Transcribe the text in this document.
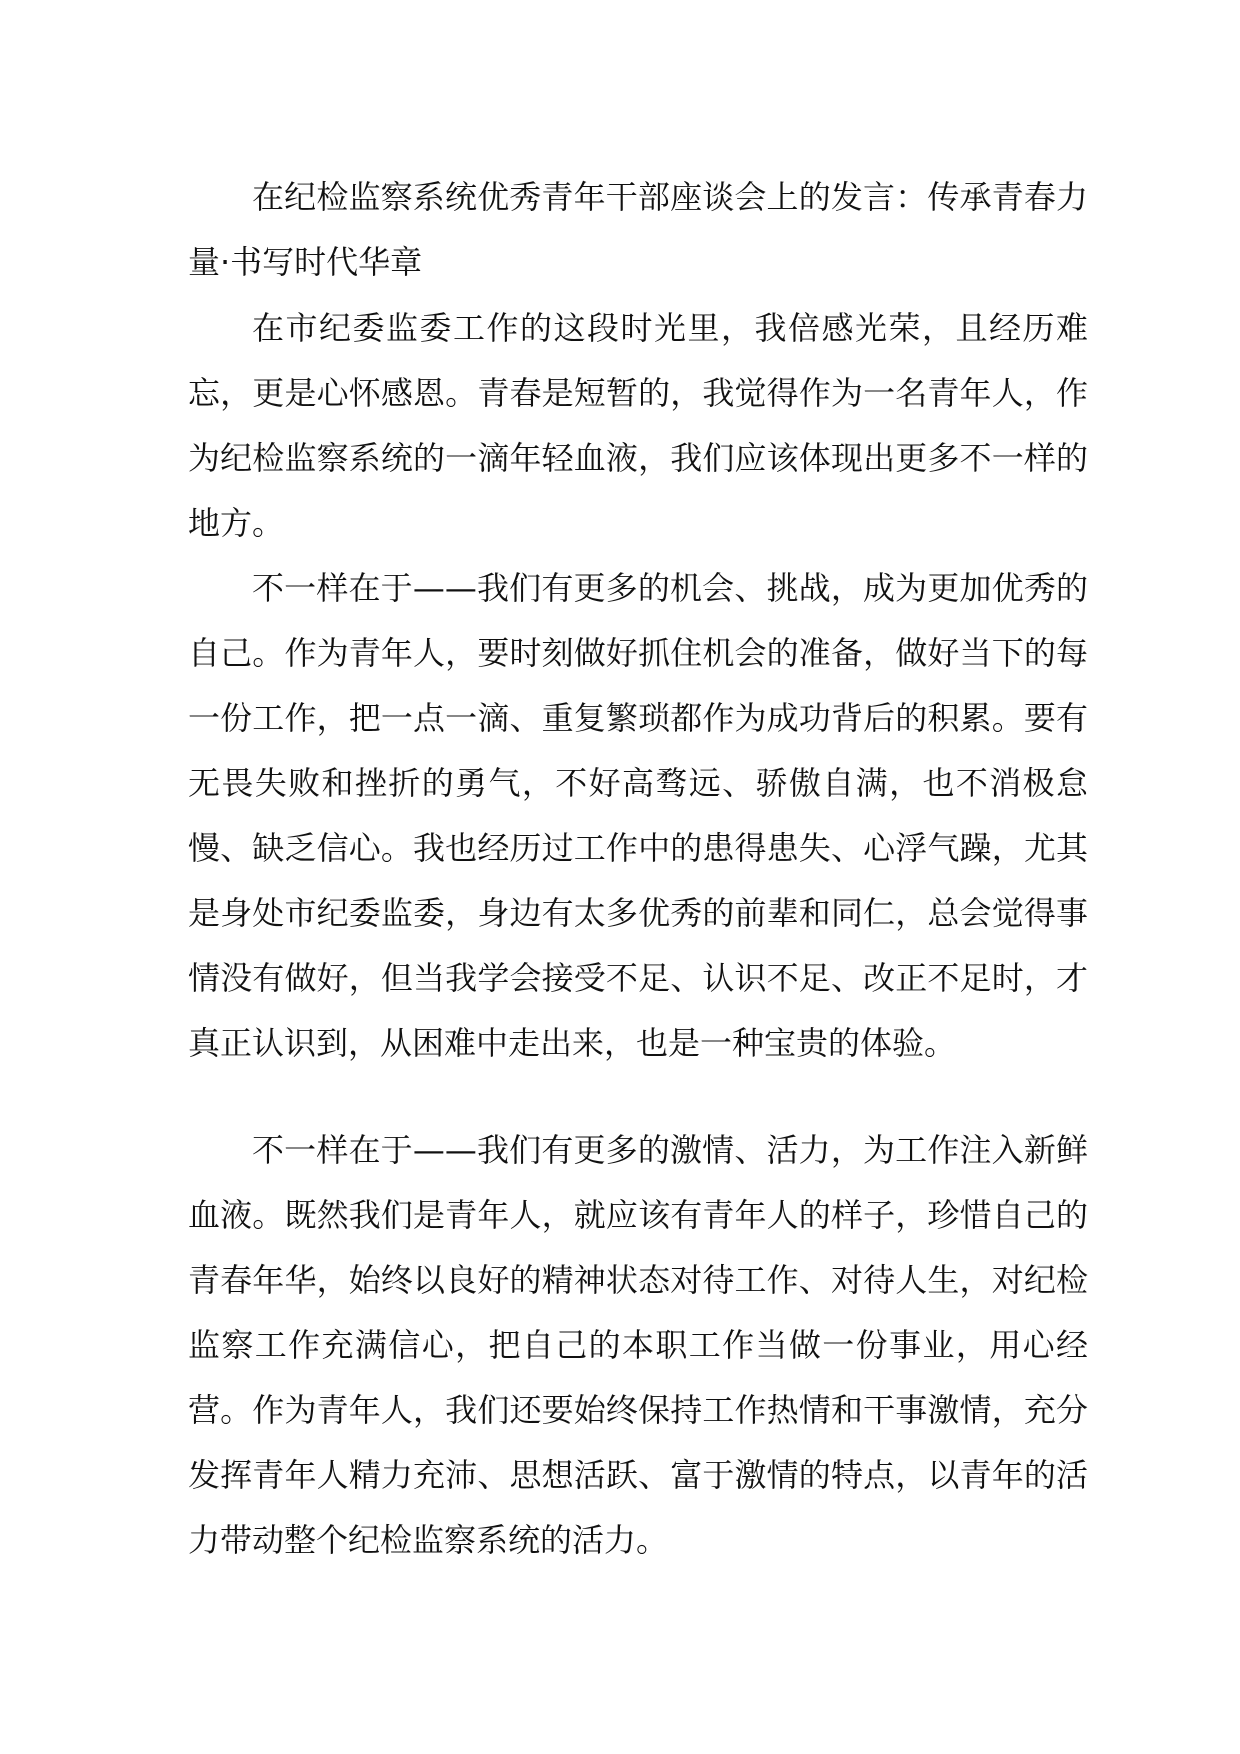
在纪检监察系统优秀青年干部座谈会上的发言：传承青春力量·书写时代华章

在市纪委监委工作的这段时光里，我倍感光荣，且经历难忘，更是心怀感恩。青春是短暂的，我觉得作为一名青年人，作为纪检监察系统的一滴年轻血液，我们应该体现出更多不一样的地方。

不一样在于——我们有更多的机会、挑战，成为更加优秀的自己。作为青年人，要时刻做好抓住机会的准备，做好当下的每一份工作，把一点一滴、重复繁琐都作为成功背后的积累。要有无畏失败和挫折的勇气，不好高骛远、骄傲自满，也不消极怠慢、缺乏信心。我也经历过工作中的患得患失、心浮气躁，尤其是身处市纪委监委，身边有太多优秀的前辈和同仁，总会觉得事情没有做好，但当我学会接受不足、认识不足、改正不足时，才真正认识到，从困难中走出来，也是一种宝贵的体验。

不一样在于——我们有更多的激情、活力，为工作注入新鲜血液。既然我们是青年人，就应该有青年人的样子，珍惜自己的青春年华，始终以良好的精神状态对待工作、对待人生，对纪检监察工作充满信心，把自己的本职工作当做一份事业，用心经营。作为青年人，我们还要始终保持工作热情和干事激情，充分发挥青年人精力充沛、思想活跃、富于激情的特点，以青年的活力带动整个纪检监察系统的活力。
